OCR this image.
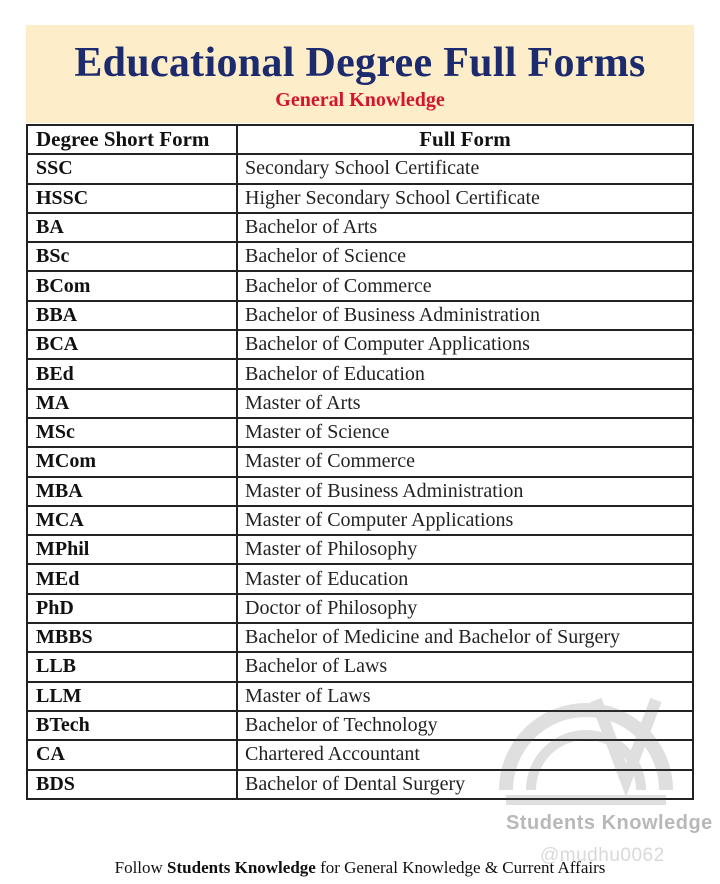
Educational Degree Full Forms
General Knowledge
Degree Short Form	Full Form
SSC	Secondary School Certificate
HSSC	Higher Secondary School Certificate
BA	Bachelor of Arts
BSc	Bachelor of Science
BCom	Bachelor of Commerce
BBA	Bachelor of Business Administration
BCA	Bachelor of Computer Applications
BEd	Bachelor of Education
MA	Master of Arts
MSc	Master of Science
MCom	Master of Commerce
MBA	Master of Business Administration
MCA	Master of Computer Applications
MPhil	Master of Philosophy
MEd	Master of Education
PhD	Doctor of Philosophy
MBBS	Bachelor of Medicine and Bachelor of Surgery
LLB	Bachelor of Laws
LLM	Master of Laws
BTech	Bachelor of Technology
CA	Chartered Accountant
BDS	Bachelor of Dental Surgery
Students Knowledge
@mudhu0062
Follow Students Knowledge for General Knowledge & Current Affairs
